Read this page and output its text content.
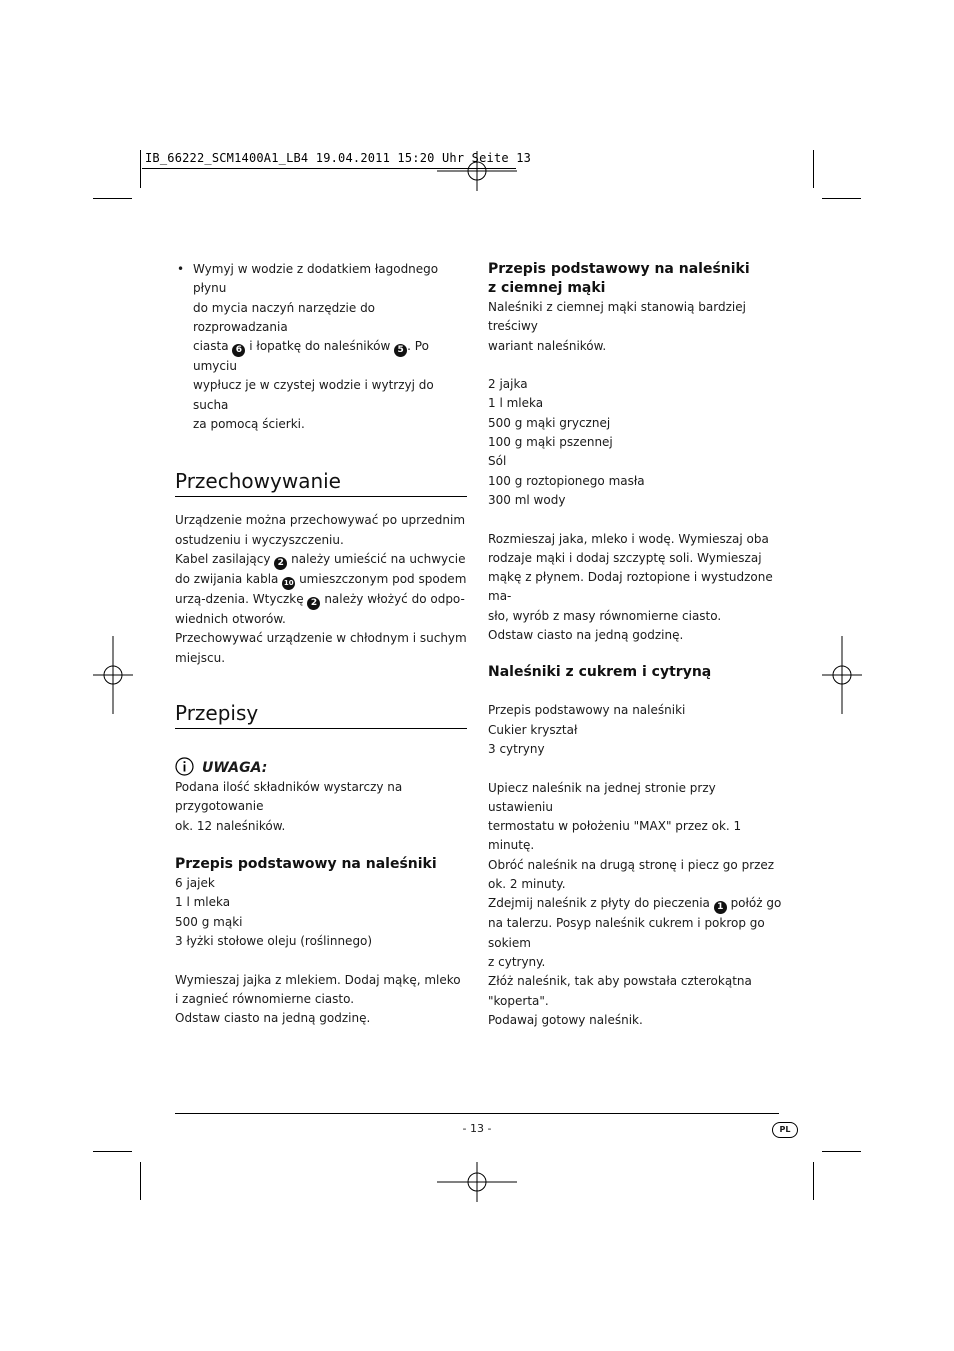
IB_66222_SCM1400A1_LB4 19.04.2011 15:20 Uhr Seite 13
• Wymyj w wodzie z dodatkiem łagodnego płynu

do mycia naczyń narzędzie do rozprowadzania

ciasta 6 i łopatkę do naleśników 5 . Po umyciu

wypłucz je w czystej wodzie i wytrzyj do sucha

za pomocą ścierki.

Przechowywanie

Urządzenie można przechowywać po uprzednim

ostudzeniu i wyczyszczeniu.

Kabel zasilający 2 należy umieścić na uchwycie

do zwijania kabla 10 umieszczonym pod spodem

urzą-dzenia. Wtyczkę 2 należy włożyć do odpo-

wiednich otworów.

Przechowywać urządzenie w chłodnym i suchym

miejscu.

Przepisy

UWAGA:

Podana ilość składników wystarczy na przygotowanie

ok. 12 naleśników.

Przepis podstawowy na naleśniki

6 jajek

1 l mleka

500 g mąki

3 łyżki stołowe oleju (roślinnego)

Wymieszaj jajka z mlekiem. Dodaj mąkę, mleko

i zagnieć równomierne ciasto.

Odstaw ciasto na jedną godzinę.

Przepis podstawowy na naleśniki
z ciemnej mąki

Naleśniki z ciemnej mąki stanowią bardziej treściwy

wariant naleśników.

2 jajka

1 l mleka

500 g mąki grycznej

100 g mąki pszennej

Sól

100 g roztopionego masła

300 ml wody

Rozmieszaj jaka, mleko i wodę. Wymieszaj oba

rodzaje mąki i dodaj szczyptę soli. Wymieszaj

mąkę z płynem. Dodaj roztopione i wystudzone ma-

sło, wyrób z masy równomierne ciasto.

Odstaw ciasto na jedną godzinę.

Naleśniki z cukrem i cytryną

Przepis podstawowy na naleśniki

Cukier kryształ

3 cytryny

Upiecz naleśnik na jednej stronie przy ustawieniu

termostatu w położeniu "MAX" przez ok. 1 minutę.

Obróć naleśnik na drugą stronę i piecz go przez

ok. 2 minuty.

Zdejmij naleśnik z płyty do pieczenia 1 połóż go

na talerzu. Posyp naleśnik cukrem i pokrop go sokiem

z cytryny.

Złóż naleśnik, tak aby powstała czterokątna "koperta".

Podawaj gotowy naleśnik.

- 13 -	PL
